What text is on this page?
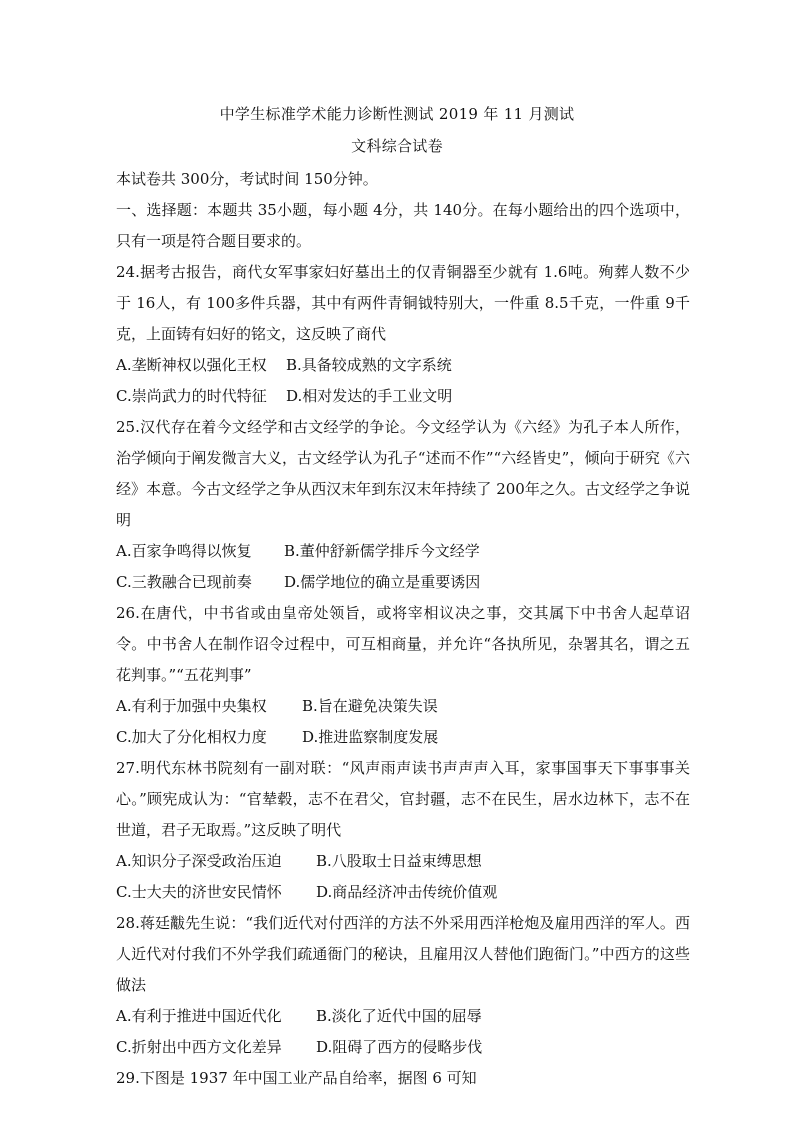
中学生标准学术能力诊断性测试 2019 年 11 月测试
文科综合试卷

本试卷共 300分，考试时间 150分钟。

一、选择题：本题共 35小题，每小题 4分，共 140分。在每小题给出的四个选项中，只有一项是符合题目要求的。

24.据考古报告，商代女军事家妇好墓出土的仅青铜器至少就有 1.6吨。殉葬人数不少于 16人，有 100多件兵器，其中有两件青铜钺特别大，一件重 8.5千克，一件重 9千克，上面铸有妇好的铭文，这反映了商代

A.垄断神权以强化王权	B.具备较成熟的文字系统
C.崇尚武力的时代特征	D.相对发达的手工业文明

25.汉代存在着今文经学和古文经学的争论。今文经学认为《六经》为孔子本人所作，治学倾向于阐发微言大义，古文经学认为孔子“述而不作”“六经皆史”，倾向于研究《六经》本意。今古文经学之争从西汉末年到东汉末年持续了 200年之久。古文经学之争说明

A.百家争鸣得以恢复	B.董仲舒新儒学排斥今文经学
C.三教融合已现前奏	D.儒学地位的确立是重要诱因

26.在唐代，中书省或由皇帝处领旨，或将宰相议决之事，交其属下中书舍人起草诏令。中书舍人在制作诏令过程中，可互相商量，并允许“各执所见，杂署其名，谓之五花判事。”“五花判事”

A.有利于加强中央集权	B.旨在避免决策失误
C.加大了分化相权力度	D.推进监察制度发展

27.明代东林书院刻有一副对联：“风声雨声读书声声声入耳，家事国事天下事事事关心。”顾宪成认为：“官辇毂，志不在君父，官封疆，志不在民生，居水边林下，志不在世道，君子无取焉。”这反映了明代

A.知识分子深受政治压迫	B.八股取士日益束缚思想
C.士大夫的济世安民情怀	D.商品经济冲击传统价值观

28.蒋廷黻先生说：“我们近代对付西洋的方法不外采用西洋枪炮及雇用西洋的军人。西人近代对付我们不外学我们疏通衙门的秘诀，且雇用汉人替他们跑衙门。”中西方的这些做法

A.有利于推进中国近代化	B.淡化了近代中国的屈辱
C.折射出中西方文化差异	D.阻碍了西方的侵略步伐

29.下图是 1937 年中国工业产品自给率，据图 6 可知
